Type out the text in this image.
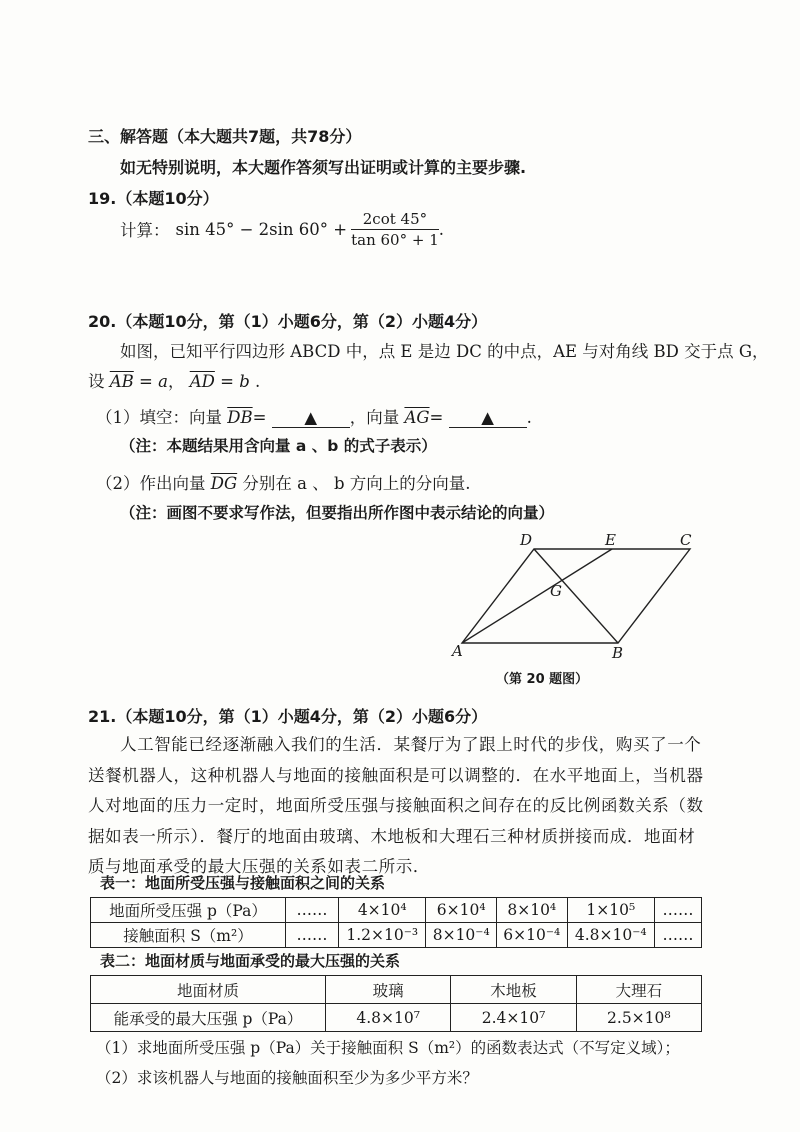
三、解答题（本大题共7题，共78分）
如无特别说明，本大题作答须写出证明或计算的主要步骤.
19.（本题10分）
计算： sin 45° − 2sin $60^\circ + \frac{2\cot 45^\circ}{\tan 60^\circ + 1}$ .
20.（本题10分，第（1）小题6分，第（2）小题4分）
如图，已知平行四边形 ABCD 中，点 E 是边 DC 的中点，AE 与对角线 BD 交于点 G，
设 $\overline{AB} = a$， $\overline{AD} = b$ .
（1）填空：向量 $\overline{DB}=$ ▲ ，向量 $\overline{AG}=$ ▲ .
（注：本题结果用含向量 a 、b 的式子表示）
（2）作出向量 $\overline{DG}$ 分别在 a 、 b 方向上的分向量.
（注：画图不要求写作法，但要指出所作图中表示结论的向量）
D	E	C
G
A	B
（第 20 题图）
21.（本题10分，第（1）小题4分，第（2）小题6分）

人工智能已经逐渐融入我们的生活．某餐厅为了跟上时代的步伐，购买了一个送餐机器人，这种机器人与地面的接触面积是可以调整的．在水平地面上，当机器人对地面的压力一定时，地面所受压强与接触面积之间存在的反比例函数关系（数据如表一所示）．餐厅的地面由玻璃、木地板和大理石三种材质拼接而成．地面材质与地面承受的最大压强的关系如表二所示．

表一：地面所受压强与接触面积之间的关系
地面所受压强 p（Pa）	……	4×10⁴	6×10⁴	8×10⁴	1×10⁵	……
接触面积 S（m²）	……	1.2×10⁻³	8×10⁻⁴	6×10⁻⁴	4.8×10⁻⁴	……
表二：地面材质与地面承受的最大压强的关系
地面材质	玻璃	木地板	大理石
能承受的最大压强 p（Pa）	4.8×10⁷	2.4×10⁷	2.5×10⁸
（1）求地面所受压强 p（Pa）关于接触面积 S（m²）的函数表达式（不写定义域）；
（2）求该机器人与地面的接触面积至少为多少平方米？
